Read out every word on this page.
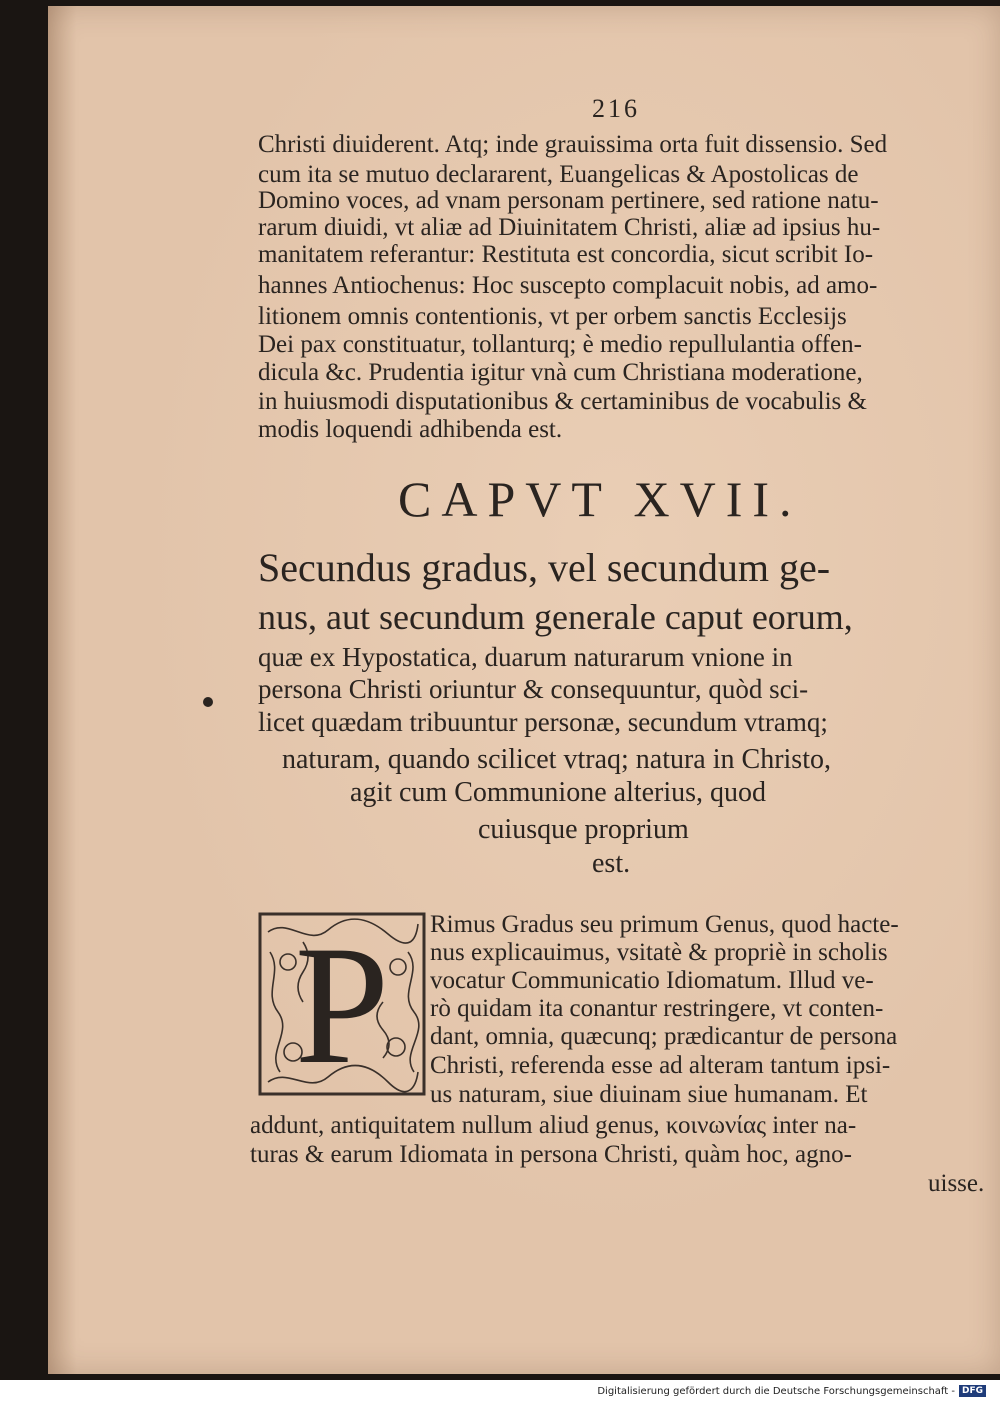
216
Christi diuiderent. Atq; inde grauissima orta fuit dissensio. Sed
cum ita se mutuo declararent, Euangelicas & Apostolicas de
Domino voces, ad vnam personam pertinere, sed ratione natu-
rarum diuidi, vt aliæ ad Diuinitatem Christi, aliæ ad ipsius hu-
manitatem referantur: Restituta est concordia, sicut scribit Io-
hannes Antiochenus: Hoc suscepto complacuit nobis, ad amo-
litionem omnis contentionis, vt per orbem sanctis Ecclesijs
Dei pax constituatur, tollanturq; è medio repullulantia offen-
dicula &c. Prudentia igitur vnà cum Christiana moderatione,
in huiusmodi disputationibus & certaminibus de vocabulis &
modis loquendi adhibenda est.
CAPVT XVII.
Secundus gradus, vel secundum ge-
nus, aut secundum generale caput eorum,
quæ ex Hypostatica, duarum naturarum vnione in
persona Christi oriuntur & consequuntur, quòd sci-
licet quædam tribuuntur personæ, secundum vtramq;
naturam, quando scilicet vtraq; natura in Christo,
agit cum Communione alterius, quod
cuiusque proprium
est.
P Rimus Gradus seu primum Genus, quod hacte-
nus explicauimus, vsitatè & propriè in scholis
vocatur Communicatio Idiomatum. Illud ve-
rò quidam ita conantur restringere, vt conten-
dant, omnia, quæcunq; prædicantur de persona
Christi, referenda esse ad alteram tantum ipsi-
us naturam, siue diuinam siue humanam. Et
addunt, antiquitatem nullum aliud genus, κοινωνίας inter na-
turas & earum Idiomata in persona Christi, quàm hoc, agno-
uisse.
Digitalisierung gefördert durch die Deutsche Forschungsgemeinschaft - DFG
